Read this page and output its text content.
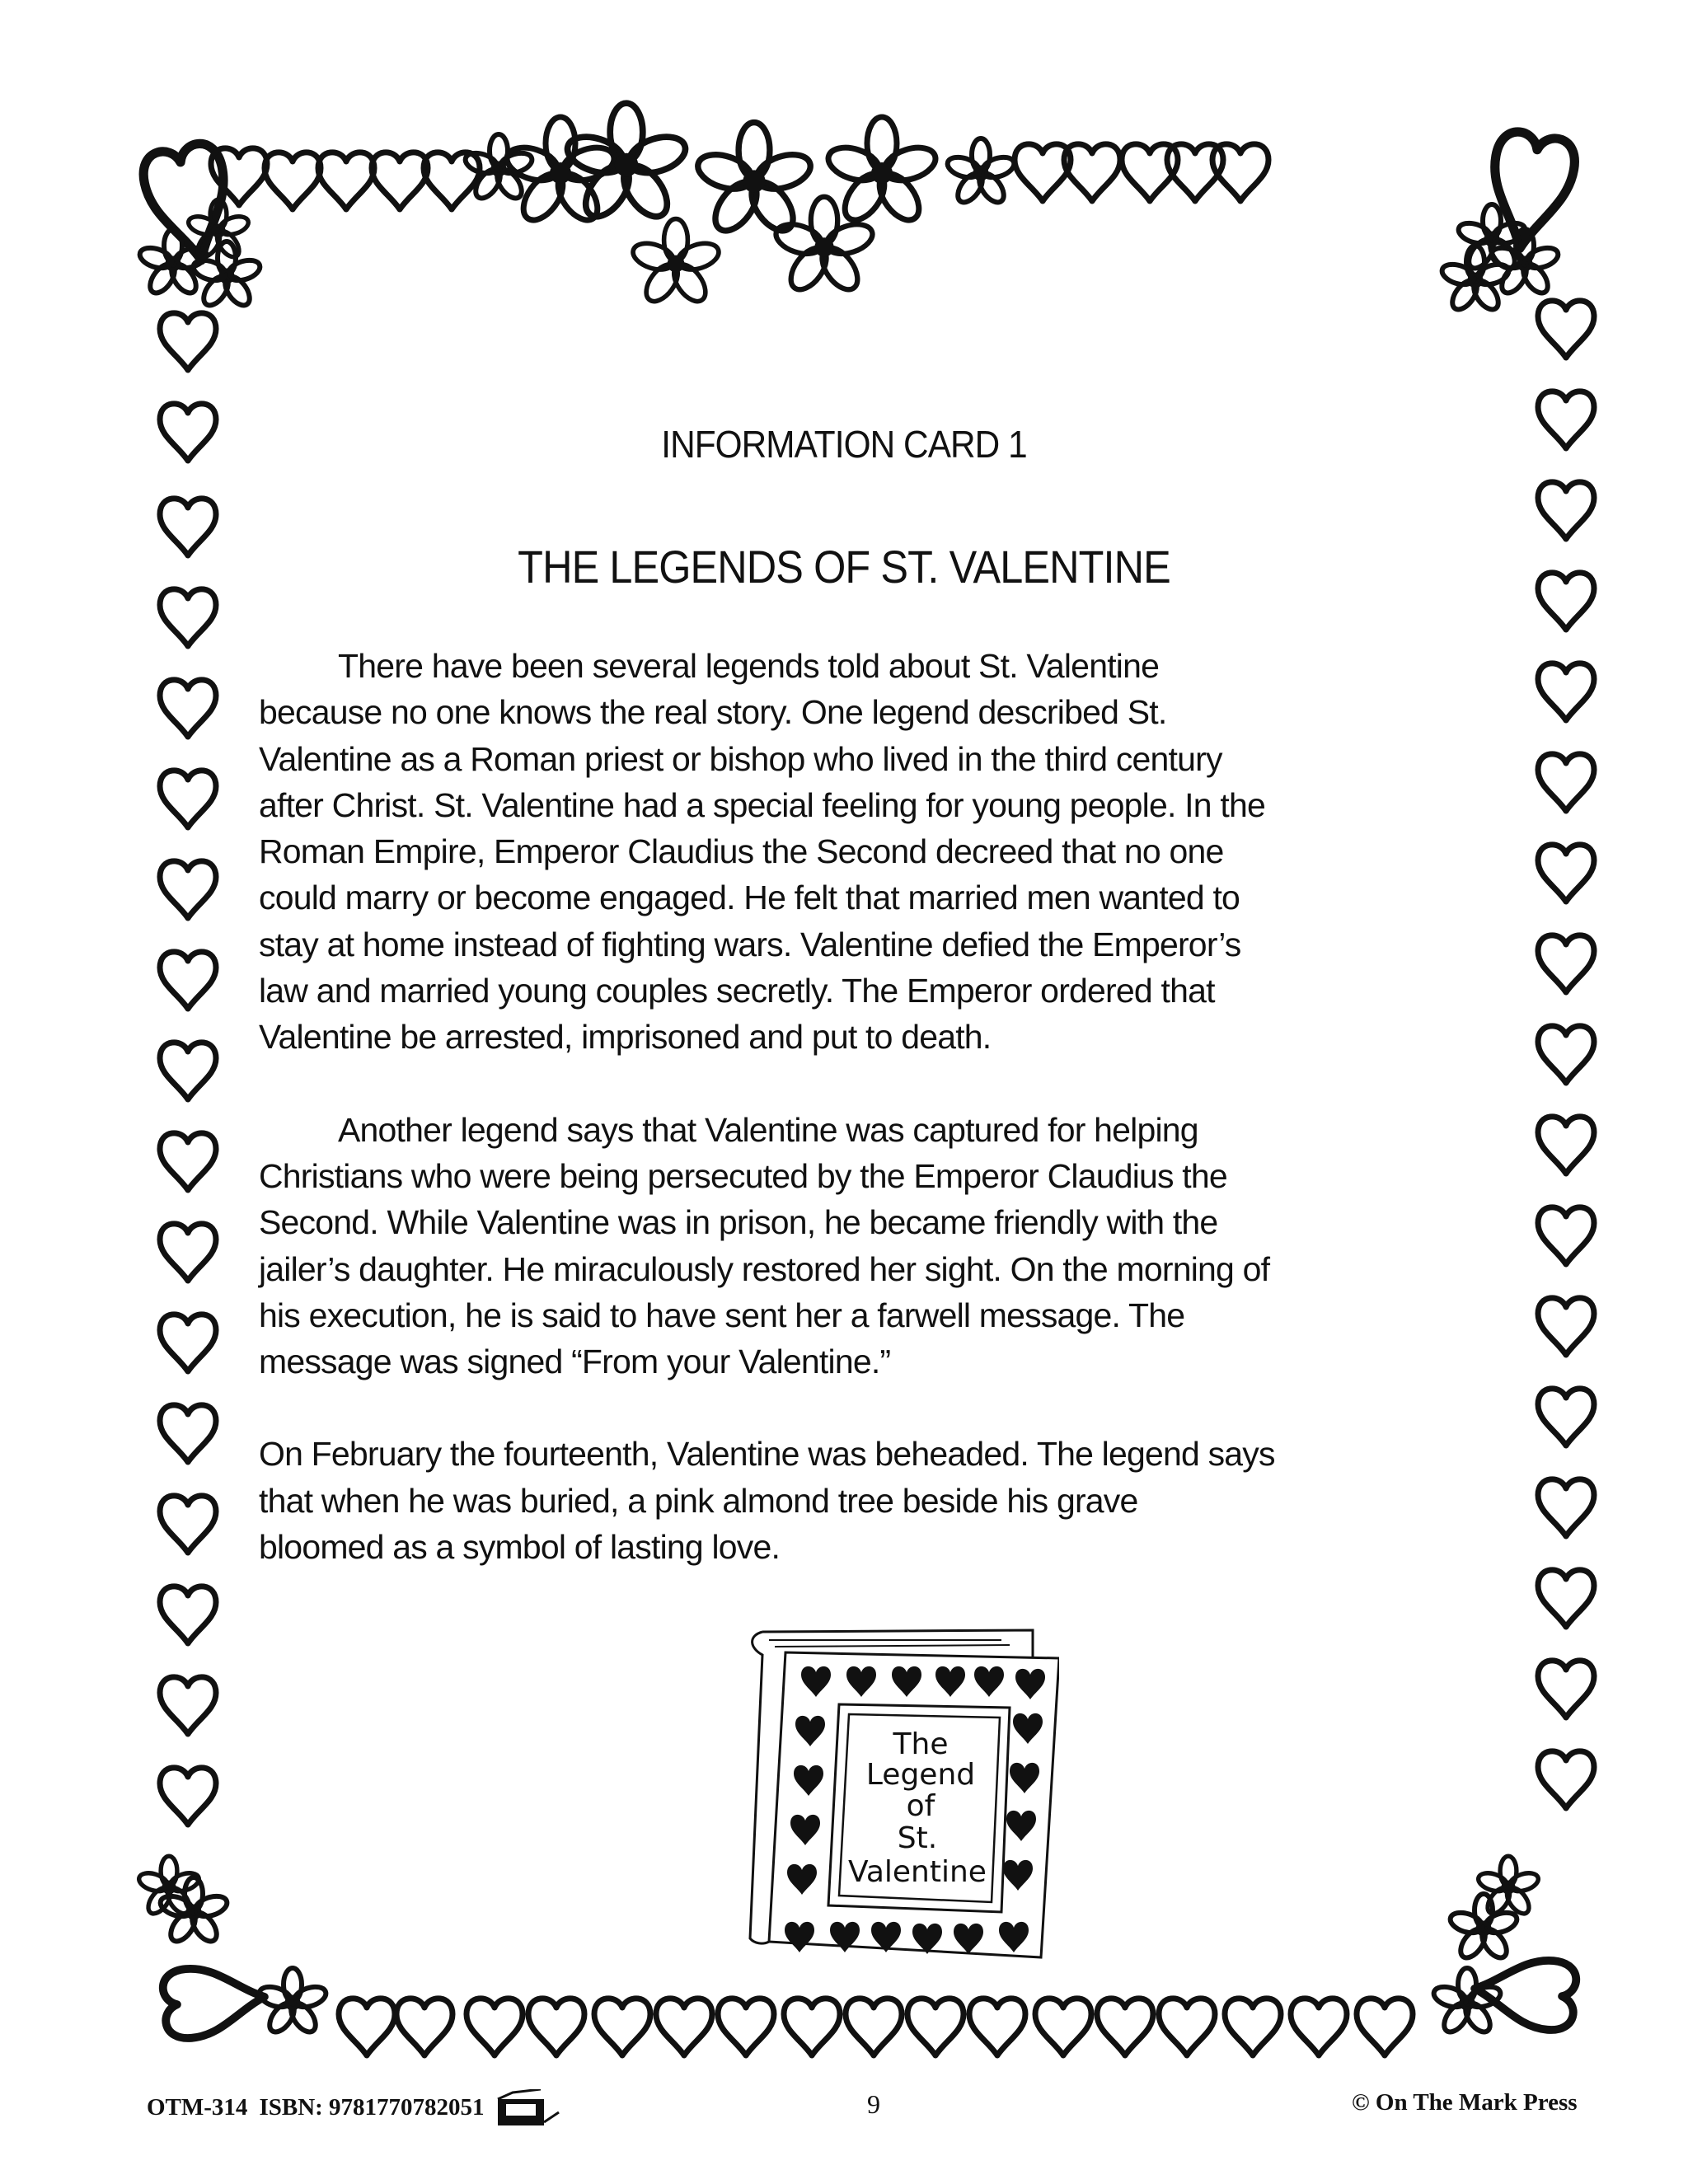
INFORMATION CARD 1
THE LEGENDS OF ST. VALENTINE

There have been several legends told about St. Valentine
because no one knows the real story. One legend described St.
Valentine as a Roman priest or bishop who lived in the third century
after Christ. St. Valentine had a special feeling for young people. In the
Roman Empire, Emperor Claudius the Second decreed that no one
could marry or become engaged. He felt that married men wanted to
stay at home instead of fighting wars. Valentine defied the Emperor’s
law and married young couples secretly. The Emperor ordered that
Valentine be arrested, imprisoned and put to death.

Another legend says that Valentine was captured for helping
Christians who were being persecuted by the Emperor Claudius the
Second. While Valentine was in prison, he became friendly with the
jailer’s daughter. He miraculously restored her sight. On the morning of
his execution, he is said to have sent her a farwell message. The
message was signed “From your Valentine.”

On February the fourteenth, Valentine was beheaded. The legend says
that when he was buried, a pink almond tree beside his grave
bloomed as a symbol of lasting love.

The
Legend
of
St.
Valentine
OTM-314 ISBN: 9781770782051	9	© On The Mark Press
